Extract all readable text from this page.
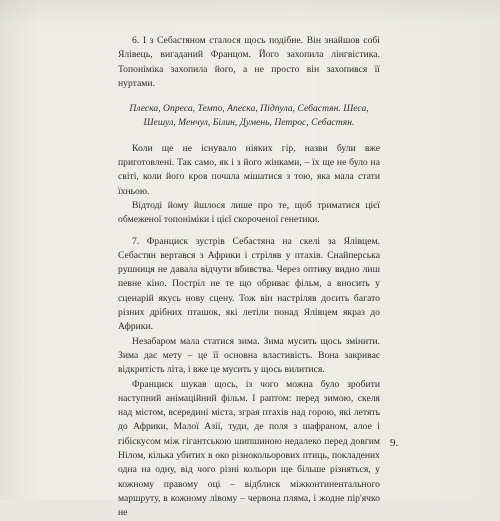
6. І з Себастяном сталося щось подібне. Він знайшов собі Ялівець, вигаданий Францом. Його захопила лінгвістика. Топоніміка захопила його, а не просто він захопився її нуртами.

Плеска, Опреса, Темпо, Апеска, Підпула, Себастян. Шеса,
Шешул, Менчул, Білин, Думень, Петрос, Себастян.

Коли ще не існувало ніяких гір, назви були вже приготовлені. Так само, як і з його жінками, – їх ще не було на світі, коли його кров почала мішатися з тою, яка мала стати їхньою.

Відтоді йому йшлося лише про те, щоб триматися цієї обмеженої топоніміки і цієї скороченої генетики.

7. Франциск зустрів Себастяна на скелі за Ялівцем. Себастян вертався з Африки і стріляв у птахів. Снайперська рушниця не давала відчути вбивства. Через оптику видно лиш певне кіно. Постріл не те що обриває фільм, а вносить у сценарій якусь нову сцену. Тож він настріляв досить багато різних дрібних пташок, які летіли понад Ялівцем якраз до Африки.

Незабаром мала статися зима. Зима мусить щось змінити. Зима дає мету – це її основна властивість. Вона закриває відкритість літа, і вже це мусить у щось вилитися.

Франциск шукав щось, із чого можна було зробити наступний анімаційний фільм. І раптом: перед зимою, скеля над містом, всередині міста, зграя птахів над горою, які летять до Африки, Малої Азії, туди, де поля з шафраном, алое і гібіскусом між гігантською шипшиною недалеко перед довгим Нілом, кілька убитих в око різнокольорових птиць, покладених одна на одну, від чого різні кольори ще більше різняться, у кожному правому оці – відблиск міжконтинентального маршруту, в кожному лівому – червона пляма, і жодне пір'ячко не

9.
